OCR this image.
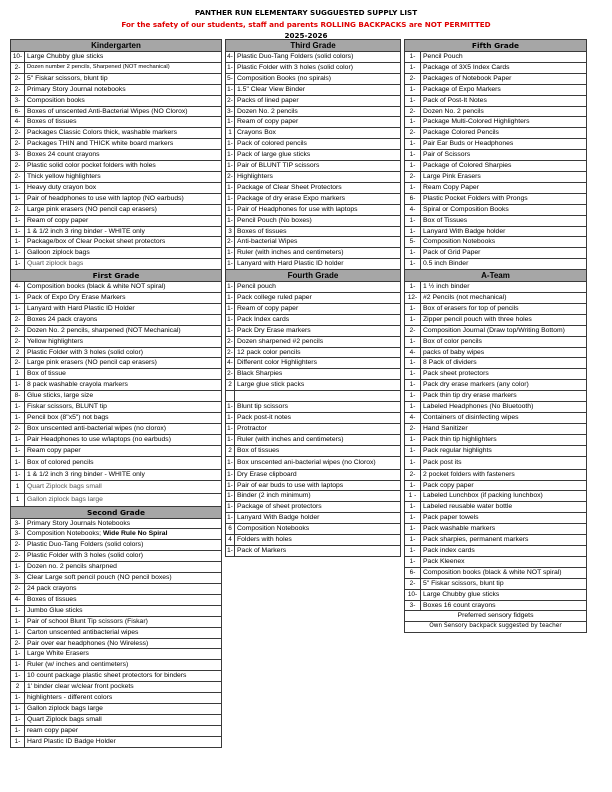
PANTHER RUN ELEMENTARY SUGGUESTED SUPPLY LIST
For the safety of our students, staff and parents ROLLING BACKPACKS are NOT PERMITTED
2025-2026
Kindergarten	
10-	Large Chubby glue sticks
2-	Dozen number 2 pencils, Sharpened (NOT mechanical)
2-	5" Fiskar scissors, blunt tip
2-	Primary Story Journal notebooks
3-	Composition books
6-	Boxes of unscented Anti-Bacterial Wipes (NO Clorox)
4-	Boxes of tissues
2-	Packages Classic Colors thick, washable markers
2-	Packages THIN and THICK white board markers
3-	Boxes 24 count crayons
2-	Plastic solid color pocket folders with holes
2-	Thick yellow highlighters
1-	Heavy duty crayon box
1-	Pair of headphones to use with laptop (NO earbuds)
2-	Large pink erasers (NO pencil cap erasers)
1-	Ream of copy paper
1-	1 & 1/2 inch 3 ring binder - WHITE only
1-	Package/box of Clear Pocket sheet protectors
1-	Galloon ziplock bags
1-	Quart ziplock bags
First Grade	
4-	Composition books (black & white NOT spiral)
1-	Pack of Expo Dry Erase Markers
1-	Lanyard with Hard Plastic ID Holder
2-	Boxes 24 pack crayons
2-	Dozen No. 2 pencils, sharpened (NOT Mechanical)
2-	Yellow highlighters
2	Plastic Folder with 3 holes (solid color)
2-	Large pink erasers (NO pencil cap erasers)
1	Box of tissue
1-	8 pack washable crayola markers
8-	Glue sticks, large size
1-	Fiskar scissors, BLUNT tip
1-	Pencil box (8"x5") not bags
2-	Box unscented anti-bacterial wipes (no clorox)
1-	Pair Headphones to use w/laptops (no earbuds)
1-	Ream copy paper
1-	Box of colored pencils
1-	1 & 1/2 inch 3 ring binder - WHITE only
1	Quart Ziplock bags small
1	Gallon ziplock bags large
Second Grade	
3-	Primary Story Journals Notebooks
3-	Composition Notebooks; Wide Rule No Spiral
2-	Plastic Duo-Tang Folders (solid colors)
2-	Plastic Folder with 3 holes (solid color)
1-	Dozen no. 2 pencils sharpned
3-	Clear Large soft pencil pouch (NO pencil boxes)
2-	24 pack crayons
4-	Boxes of tissues
1-	Jumbo Glue sticks
1-	Pair of school Blunt Tip scissors (Fiskar)
1-	Carton unscented antibacterial wipes
2-	Pair over ear headphones (No Wireless)
1-	Large White Erasers
1-	Ruler (w/ inches and centimeters)
1-	10 count package plastic sheet protectors for binders
2	1' binder clear w/clear front pockets
1-	highlighters - different colors
1-	Gallon ziplock bags large
1-	Quart Ziplock bags small
1-	ream copy paper
1-	Hard Plastic ID Badge Holder
Third Grade	
4-	Plastic Duo-Tang Folders (solid colors)
1-	Plastic Folder with 3 holes (solid color)
5-	Composition Books (no spirals)
1-	1.5" Clear View Binder
2-	Packs of lined paper
3-	Dozen No. 2 pencils
1-	Ream of copy paper
1	Crayons Box
1-	Pack of colored pencils
1-	Pack of large glue sticks
1-	Pair of BLUNT TIP scissors
2-	Highlighters
1-	Package of Clear Sheet Protectors
1-	Package of dry erase Expo markers
1-	Pair of Headphones for use with laptops
1-	Pencil Pouch (No boxes)
3	Boxes of tissues
2-	Anti-bacterial Wipes
1-	Ruler (with inches and centimeters)
1-	Lanyard with Hard Plastic ID holder
Fourth Grade	
1-	Pencil pouch
1-	Pack college ruled paper
1-	Ream of copy paper
1-	Pack Index cards
1-	Pack Dry Erase markers
2-	Dozen sharpened #2 pencils
2-	12 pack color pencils
4-	Different color Highlighters
2-	Black Sharpies
2	Large glue stick packs

1-	Blunt tip scissors
1-	Pack post-it notes
1-	Protractor
1-	Ruler (with inches and centimeters)
2	Box of tissues
1-	Box unscented ani-bacterial wipes (no Clorox)
1-	Dry Erase clipboard
1-	Pair of ear buds to use with laptops
1-	Binder (2 inch minimum)
1-	Package of sheet protectors
1-	Lanyard With Badge holder
6	Composition Notebooks
4	Folders with holes
1-	Pack of Markers
Fifth Grade	
1-	Pencil Pouch
1-	Package of 3X5 Index Cards
2-	Packages of Notebook Paper
1-	Package of Expo Markers
1-	Pack of Post-It Notes
2-	Dozen No. 2 pencils
1-	Package Multi-Colored Highlighters
2-	Package Colored Pencils
1-	Pair Ear Buds or Headphones
1-	Pair of Scissors
1-	Package of Colored Sharpies
2-	Large Pink Erasers
1-	Ream Copy Paper
6-	Plastic Pocket Folders with Prongs
4-	Spiral or Composition Books
1-	Box of Tissues
1-	Lanyard With Badge holder
5-	Composition Notebooks
1-	Pack of Grid Paper
1-	0.5 inch Binder
A-Team	
1-	1 ½ inch binder
12-	#2 Pencils (not mechanical)
1-	Box of erasers for top of pencils
1-	Zipper pencil pouch with three holes
2-	Composition Journal (Draw top/Writing Bottom)
1-	Box of color pencils
4-	packs of baby wipes
1-	8 Pack of dividers
1-	Pack sheet protectors
1-	Pack dry erase markers (any color)
1-	Pack thin tip dry erase markers
1-	Labeled Headphones (No Bluetooth)
4-	Containers of disinfecting wipes
2-	Hand Sanitizer
1-	Pack thin tip highlighters
1-	Pack regular highlights
1-	Pack post its
2-	2 pocket folders with fasteners
1-	Pack copy paper
1 -	Labeled Lunchbox (if packing lunchbox)
1-	Labeled reusable water bottle
1-	Pack paper towels
1-	Pack washable markers
1-	Pack sharpies, permanent markers
1-	Pack index cards
1-	Pack Kleenex
6-	Composition books (black & white NOT spiral)
2-	5" Fiskar scissors, blunt tip
10-	Large Chubby glue sticks
3-	Boxes 16 count crayons
Preferred sensory fidgets	
Own Sensory backpack suggested by teacher	
